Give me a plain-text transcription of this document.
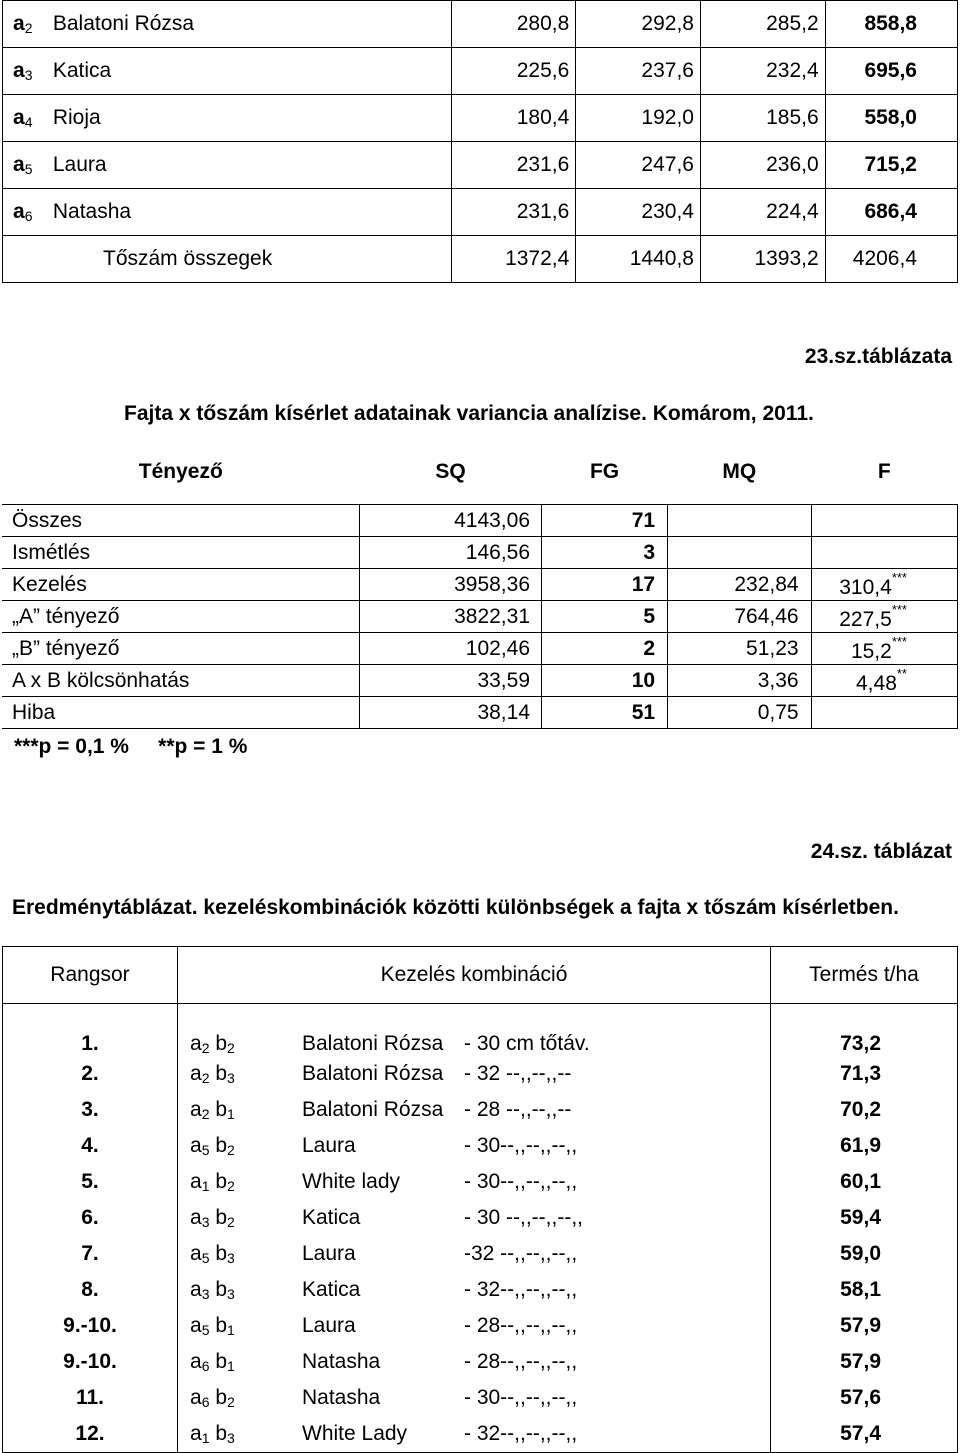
$a_2$ Balatoni Rózsa	280,8	292,8	285,2	858,8
$a_3$ Katica	225,6	237,6	232,4	695,6
$a_4$ Rioja	180,4	192,0	185,6	558,0
$a_5$ Laura	231,6	247,6	236,0	715,2
$a_6$ Natasha	231,6	230,4	224,4	686,4
Tőszám összegek	1372,4	1440,8	1393,2	4206,4
23.sz.táblázata
Fajta x tőszám kísérlet adatainak variancia analízise. Komárom, 2011.
Tényező	SQ	FG	MQ	F

Összes	4143,06	71		
Ismétlés	146,56	3		
Kezelés	3958,36	17	232,84	310,4***
„A” tényező	3822,31	5	764,46	227,5***
„B” tényező	102,46	2	51,23	15,2***
A x B kölcsönhatás	33,59	10	3,36	4,48**
Hiba	38,14	51	0,75	
***p = 0,1 %     **p = 1 %				
24.sz. táblázat
Eredménytáblázat. kezeléskombinációk közötti különbségek a fajta x tőszám kísérletben.
Rangsor	Kezelés kombináció	Termés t/ha
1.	$a_2$ $b_2$ Balatoni Rózsa - 30 cm tőtáv.	73,2
2.	$a_2$ $b_3$ Balatoni Rózsa - 32 --,,--,,--	71,3
3.	$a_2$ $b_1$ Balatoni Rózsa - 28 --,,--,,--	70,2
4.	$a_5$ $b_2$ Laura - 30--,,--,,--,,	61,9
5.	$a_1$ $b_2$ White lady - 30--,,--,,--,,	60,1
6.	$a_3$ $b_2$ Katica - 30 --,,--,,--,,	59,4
7.	$a_5$ $b_3$ Laura -32 --,,--,,--,,	59,0
8.	$a_3$ $b_3$ Katica - 32--,,--,,--,,	58,1
9.-10.	$a_5$ $b_1$ Laura - 28--,,--,,--,,	57,9
9.-10.	$a_6$ $b_1$ Natasha - 28--,,--,,--,,	57,9
11.	$a_6$ $b_2$ Natasha - 30--,,--,,--,,	57,6
12.	$a_1$ $b_3$ White Lady - 32--,,--,,--,,	57,4
